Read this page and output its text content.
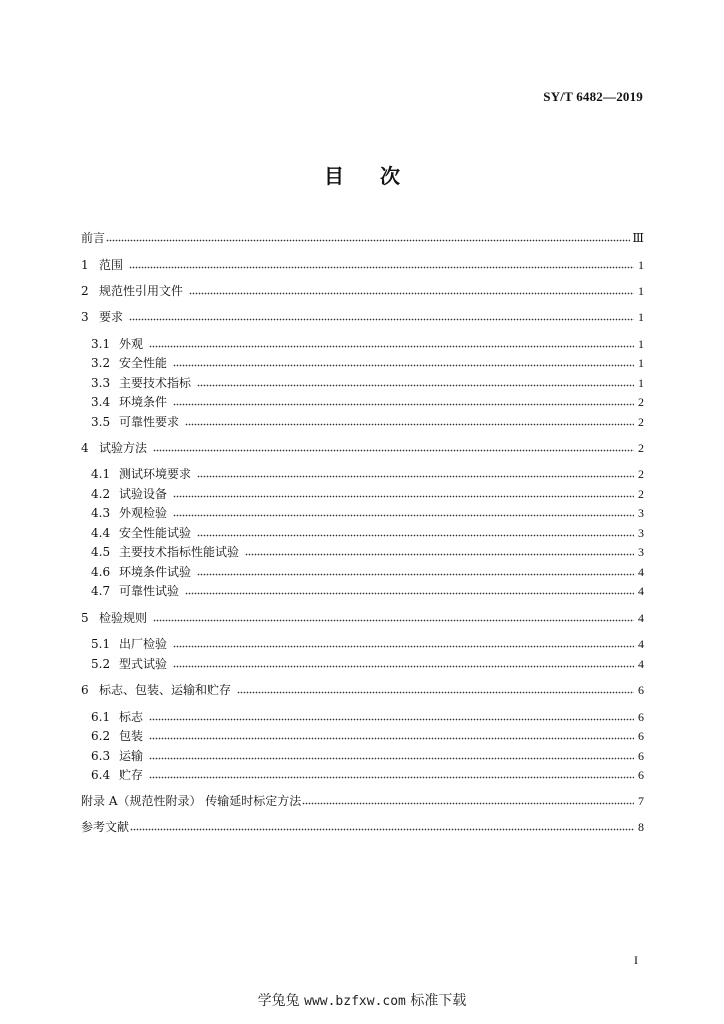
SY/T 6482—2019
目次
前言	Ⅲ
1 范围	1
2 规范性引用文件	1
3 要求	1
3.1 外观	1
3.2 安全性能	1
3.3 主要技术指标	1
3.4 环境条件	2
3.5 可靠性要求	2
4 试验方法	2
4.1 测试环境要求	2
4.2 试验设备	2
4.3 外观检验	3
4.4 安全性能试验	3
4.5 主要技术指标性能试验	3
4.6 环境条件试验	4
4.7 可靠性试验	4
5 检验规则	4
5.1 出厂检验	4
5.2 型式试验	4
6 标志、包装、运输和贮存	6
6.1 标志	6
6.2 包装	6
6.3 运输	6
6.4 贮存	6
附录 A（规范性附录） 传输延时标定方法	7
参考文献	8
I
学兔兔 www.bzfxw.com 标准下载
